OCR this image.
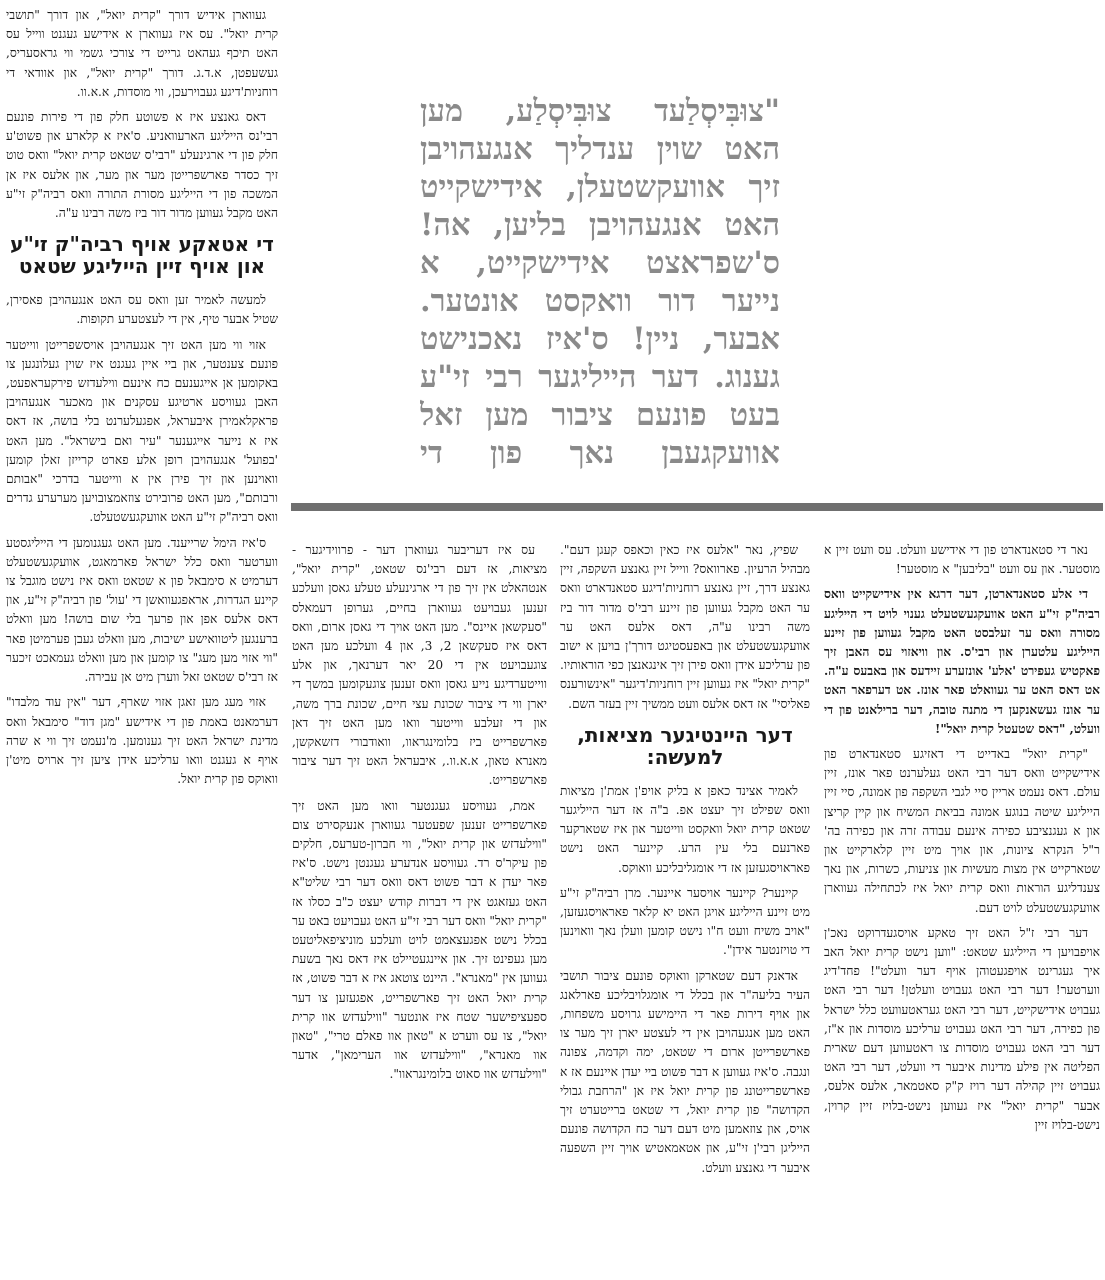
"צוּבִּיסְלַעד צוּבִּיסְלַע, מען האט שוין ענדליך אנגעהויבן זיך אוועקשטעלן, אידישקייט האט אנגעהויבן בליען, אה! ס'שפראצט אידישקייט, א נייער דור וואקסט אונטער. אבער, ניין! ס'איז נאכנישט גענוג. דער הייליגער רבי זי"ע בעט פונעם ציבור מען זאל אוועקגעבן נאך פון די

געווארן אידיש דורך "קרית יואל", און דורך "תושבי קרית יואל". עס איז געווארן א אידישע געגנט ווייל עס האט תיכף געהאט גרייט די צורכי גשמי ווי גראסעריס, געשעפטן, א.ד.ג. דורך "קרית יואל", און אוודאי די רוחניות'דיגע געבוירעכן, ווי מוסדות, א.א.וו.

דאס גאנצע איז א פשוטע חלק פון די פירות פונעם רבי'נס הייליגע הארעוואניע. ס'איז א קלארע און פשוט'ע חלק פון די ארגינעלע "רבי'ס שטאט קרית יואל" וואס טוט זיך כסדר פארשפרייטן מער און מער, און אלעס איז אן המשכה פון די הייליגע מסורת התורה וואס רביה"ק זי"ע האט מקבל געווען מדור דור ביז משה רבינו ע"ה.

די אטאקע אויף רביה"ק זי"ע און אויף זיין הייליגע שטאט

למעשה לאמיר זען וואס עס האט אנגעהויבן פאסירן, שטיל אבער טיף, אין די לעצטערע תקופות.

אזוי ווי מען האט זיך אנגעהויבן אויסשפרייטן ווייטער פונעם צענטער, און ביי איין געגנט איז שוין געלונגען צו באקומען אן אייגענעם כח אינעם ווילעדזש פירקעראפעט, האבן געוויסע ארטיגע עסקנים און מאכער אנגעהויבן פראקלאמירן איבעראל, אפגעלערנט בלי בושה, אז דאס איז א נייער אייגענער "עיר ואם בישראל". מען האט 'בפועל' אנגעהויבן רופן אלע פארט קרייזן זאלן קומען וואוינען און זיך פירן אין א ווייטער בדרכי "אבותם ורבותם", מען האט פרובירט צוזאמצובויען מערערע גדרים וואס רביה"ק זי"ע האט אוועקגעשטעלט.

ס'איז הימל שרייענד. מען האט געגנומען די הייליגסטע ווערטער וואס כלל ישראל פארמאגט, אוועקגעשטעלט דערמיט א סימבאל פון א שטאט וואס איז נישט מוגבל צו קיינע הגדרות, אראפגעוואשן די 'עול' פון רביה"ק זי"ע, און דאס אלעס אפן און פרעך בלי שום בושה! מען וואלט ברענגען ליטוואישע ישיבות, מען וואלט געבן פערמיטן פאר "ווי אזוי מען מעג" צו קומען און מען וואלט געמאכט זיכער אז רבי'ס שטאט זאל ווערן מיט אן עבירה.

אזוי מעג מען זאגן אזוי שארף, דער "אין עוד מלבדו" דערמאנט באמת פון די אידישע "מגן דוד" סימבאל וואס מדינת ישראל האט זיך גענומען. מ'נעמט זיך ווי א שרה אויף א געגנט וואו ערליכע אידן ציען זיך ארויס מיט'ן וואוקס פון קרית יואל.

עס איז דעריבער געווארן דער - פרווידיגער - מציאות, אז דעם רבי'נס שטאט, "קרית יואל", אנטהאלט אין זיך פון די ארגינעלע טעלע גאסן וועלכע זענען געבויעט געווארן בחיים, גערופן דעמאלס "סעקשאן איינס". מען האט אויך די גאסן ארום, וואס דאס איז סעקשאן 2, 3, און 4 וועלכע מען האט צוגעבויעט אין די 20 יאר דערנאך, און אלע ווייטערדיגע נייע גאסן וואס זענען צוגעקומען במשך די יארן ווי די ציבור שכונת עצי חיים, שכונת ברך משה, און די זעלבע ווייטער וואו מען האט זיך דאן פארשפרייט ביז בלומינגראוו, וואודבורי דזשאקשן, מאנרא טאון, א.א.וו., איבעראל האט זיך דער ציבור פארשפרייט.

אמת, געוויסע געגנטער וואו מען האט זיך פארשפרייט זענען שפעטער געווארן אנעקסירט צום "ווילעדזש און קרית יואל", ווי חברון-טערעס, חלקים פון עיקר'ס רד. געוויסע אנדערע געגנטן נישט. ס'איז פאר יעדן א דבר פשוט דאס וואס דער רבי שליט"א האט געזאגט אין די דברות קודש יעצט כ"ב כסלו אז "קרית יואל" וואס דער רבי זי"ע האט געבויעט באט ער בכלל נישט אפגעצאמט לויט וועלכע מוניציפאליטעט מען געפינט זיך. און איינגעטיילט איז דאס נאך בשעת געווען אין "מאנרא". היינט צוטאג איז א דבר פשוט, אז קרית יואל האט זיך פארשפרייט, אפגעזען צו דער ספעציפישער שטח איז אונטער "ווילעדזש אוו קרית יואל", צו עס ווערט א "טאון אוו פאלם טרי", "טאון אוו מאנרא", "ווילעדזש אוו הערימאן", אדער "ווילעדזש אוו סאוט בלומינגראוו".

שפיץ, נאר "אלעס איז כאין וכאפס קעגן דעם". מבהיל הרעיון. פארוואס? ווייל זיין גאנצע השקפה, זיין גאנצע דרך, זיין גאנצע רוחניות'דיגע סטאנדארט וואס ער האט מקבל געווען פון זיינע רבי'ס מדור דור ביז משה רבינו ע"ה, דאס אלעס האט ער אוועקגעשטעלט און באפעסטיגט דורך'ן בויען א ישוב פון ערליכע אידן וואס פירן זיך אינגאנצן כפי הוראותיו. "קרית יואל" איז געווען זיין רוחניות'דיגער "אינשורענס פאליסי" אז דאס אלעס וועט ממשיך זיין בעזר השם.

דער היינטיגער מציאות, למעשה:

לאמיר אצינד כאפן א בליק אויפ'ן אמת'ן מציאות וואס שפילט זיך יעצט אפ. ב"ה אז דער הייליגער שטאט קרית יואל וואקסט ווייטער און איז שטארקער פארנעם בלי עין הרע. קיינער האט נישט פאראויסגעזען אז די אומגליבליכע וואוקס.

קיינער? קיינער אויסער איינער. מרן רביה"ק זי"ע מיט זיינע הייליגע אויגן האט יא קלאר פאראויסגעזען, "אויב משיח וועט ח"ו נישט קומען וועלן נאך וואוינען די טויזנטער אידן".

אדאנק דעם שטארקן וואוקס פונעם ציבור תושבי העיר בליעה"ר און בכלל די אומגלויבליכע פארלאנג און אויף דירות פאר די היימישע גרויסע משפחות, האט מען אנגעהויבן אין די לעצטע יארן זיך מער צו פארשפרייטן ארום די שטאט, ימה וקדמה, צפונה ונגבה. ס'איז געווען א דבר פשוט ביי יעדן איינעם אז א פארשפרייטונג פון קרית יואל איז אן "הרחבת גבולי הקדושה" פון קרית יואל, די שטאט ברייטערט זיך אויס, און צוזאמען מיט דעם דער כח הקדושה פונעם הייליגן רבי'ן זי"ע, און אטאמאטיש אויך זיין השפעה איבער די גאנצע וועלט.

נאר די סטאנדארט פון די אידישע וועלט. עס וועט זיין א מוסטער. און עס וועט "בליבען" א מוסטער!

די אלע סטאנדארטן, דער דרגא אין אידישקייט וואס רביה"ק זי"ע האט אוועקגעשטעלט גענוי לויט די הייליגע מסורה וואס ער זעלבסט האט מקבל געווען פון זיינע הייליגע עלטערן און רבי'ס. און וויאזוי עס האבן זיך פאקטיש געפירט 'אלע' אונזערע זיידעס און באבעס ע"ה. אט דאס האט ער געוואלט פאר אונז. אט דערפאר האט ער אונז געשאנקען די מתנה טובה, דער ברילאנט פון די וועלט, "דאס שטעטל קרית יואל"!

"קרית יואל" באדייט די דאזיגע סטאנדארט פון אידישקייט וואס דער רבי האט געלערנט פאר אונז, זיין עולם. דאס נעמט אריין סיי לגבי השקפה פון אמונה, סיי זיין הייליגע שיטה בנוגע אמונה בביאת המשיח און קיין קריצן און א געגנציבע כפירה אינעם עבודה זרה און כפירה בה' ר"ל הנקרא ציונות, און אויך מיט זיין קלארקייט און שטארקייט אין מצות מעשיות און צניעות, כשרות, און נאך צענדליגע הוראות וואס קרית יואל איז לכתחילה געווארן אוועקגעשטעלט לויט דעם.

דער רבי ז"ל האט זיך טאקע אויסגעדרוקט נאכ'ן אויפבויען די הייליגע שטאט: "ווען נישט קרית יואל האב איך געגרינט אויפגעטוהן אויף דער וועלט"! פחד'דיג ווערטער! דער רבי האט געבויט וועלטן! דער רבי האט געבויט אידישקייט, דער רבי האט געראטעוועט כלל ישראל פון כפירה, דער רבי האט געבויט ערליכע מוסדות און א"ז, דער רבי האט געבויט מוסדות צו ראטעווען דעם שארית הפליטה אין פילע מדינות איבער די וועלט, דער רבי האט געבויט זיין קהילה דער רויז ק"ק סאטמאר, אלעס אלעס, אבער "קרית יואל" איז געווען נישט-בלויז זיין קרוין, נישט-בלויז זיין
